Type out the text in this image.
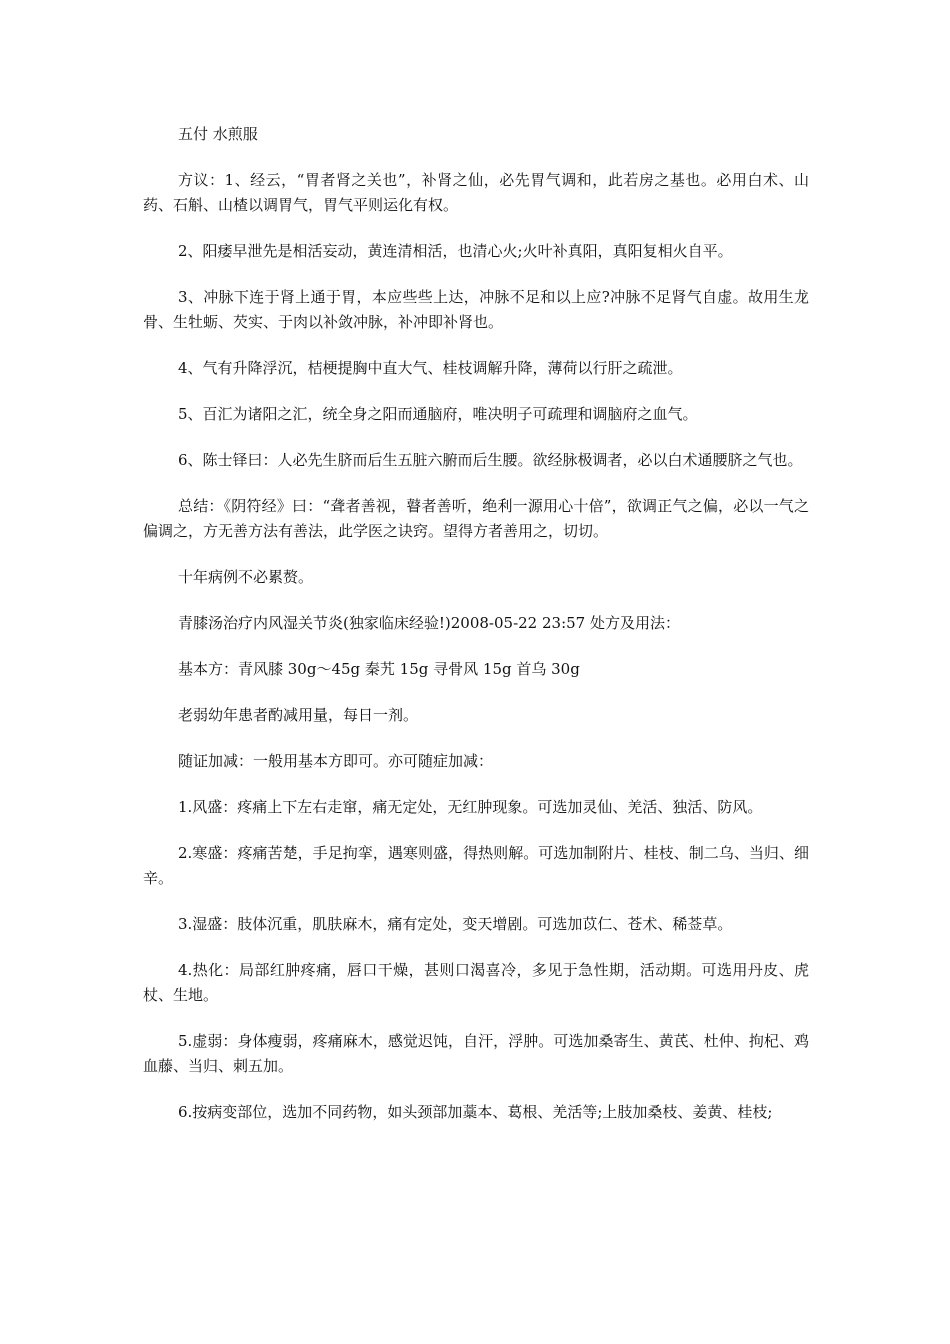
五付 水煎服

方议：1、经云，“胃者肾之关也”，补肾之仙，必先胃气调和，此若房之基也。必用白术、山药、石斛、山楂以调胃气，胃气平则运化有权。

2、阳痿早泄先是相活妄动，黄连清相活，也清心火;火叶补真阳，真阳复相火自平。

3、冲脉下连于肾上通于胃，本应些些上达，冲脉不足和以上应?冲脉不足肾气自虚。故用生龙骨、生牡蛎、芡实、于肉以补敛冲脉，补冲即补肾也。

4、气有升降浮沉，桔梗提胸中直大气、桂枝调解升降，薄荷以行肝之疏泄。

5、百汇为诸阳之汇，统全身之阳而通脑府，唯决明子可疏理和调脑府之血气。

6、陈士铎曰：人必先生脐而后生五脏六腑而后生腰。欲经脉极调者，必以白术通腰脐之气也。

总结：《阴符经》曰：“聋者善视，瞽者善听，绝利一源用心十倍”，欲调正气之偏，必以一气之偏调之，方无善方法有善法，此学医之诀窍。望得方者善用之，切切。

十年病例不必累赘。

青膝汤治疗内风湿关节炎(独家临床经验!)2008-05-22 23:57 处方及用法：

基本方：青风膝 30g～45g 秦艽 15g 寻骨风 15g 首乌 30g

老弱幼年患者酌减用量，每日一剂。

随证加减：一般用基本方即可。亦可随症加减：

1.风盛：疼痛上下左右走窜，痛无定处，无红肿现象。可选加灵仙、羌活、独活、防风。

2.寒盛：疼痛苦楚，手足拘挛，遇寒则盛，得热则解。可选加制附片、桂枝、制二乌、当归、细辛。

3.湿盛：肢体沉重，肌肤麻木，痛有定处，变天增剧。可选加苡仁、苍术、稀莶草。

4.热化：局部红肿疼痛，唇口干燥，甚则口渴喜冷，多见于急性期，活动期。可选用丹皮、虎杖、生地。

5.虚弱：身体瘦弱，疼痛麻木，感觉迟饨，自汗，浮肿。可选加桑寄生、黄芪、杜仲、拘杞、鸡血藤、当归、刺五加。

6.按病变部位，选加不同药物，如头颈部加藁本、葛根、羌活等;上肢加桑枝、姜黄、桂枝;
